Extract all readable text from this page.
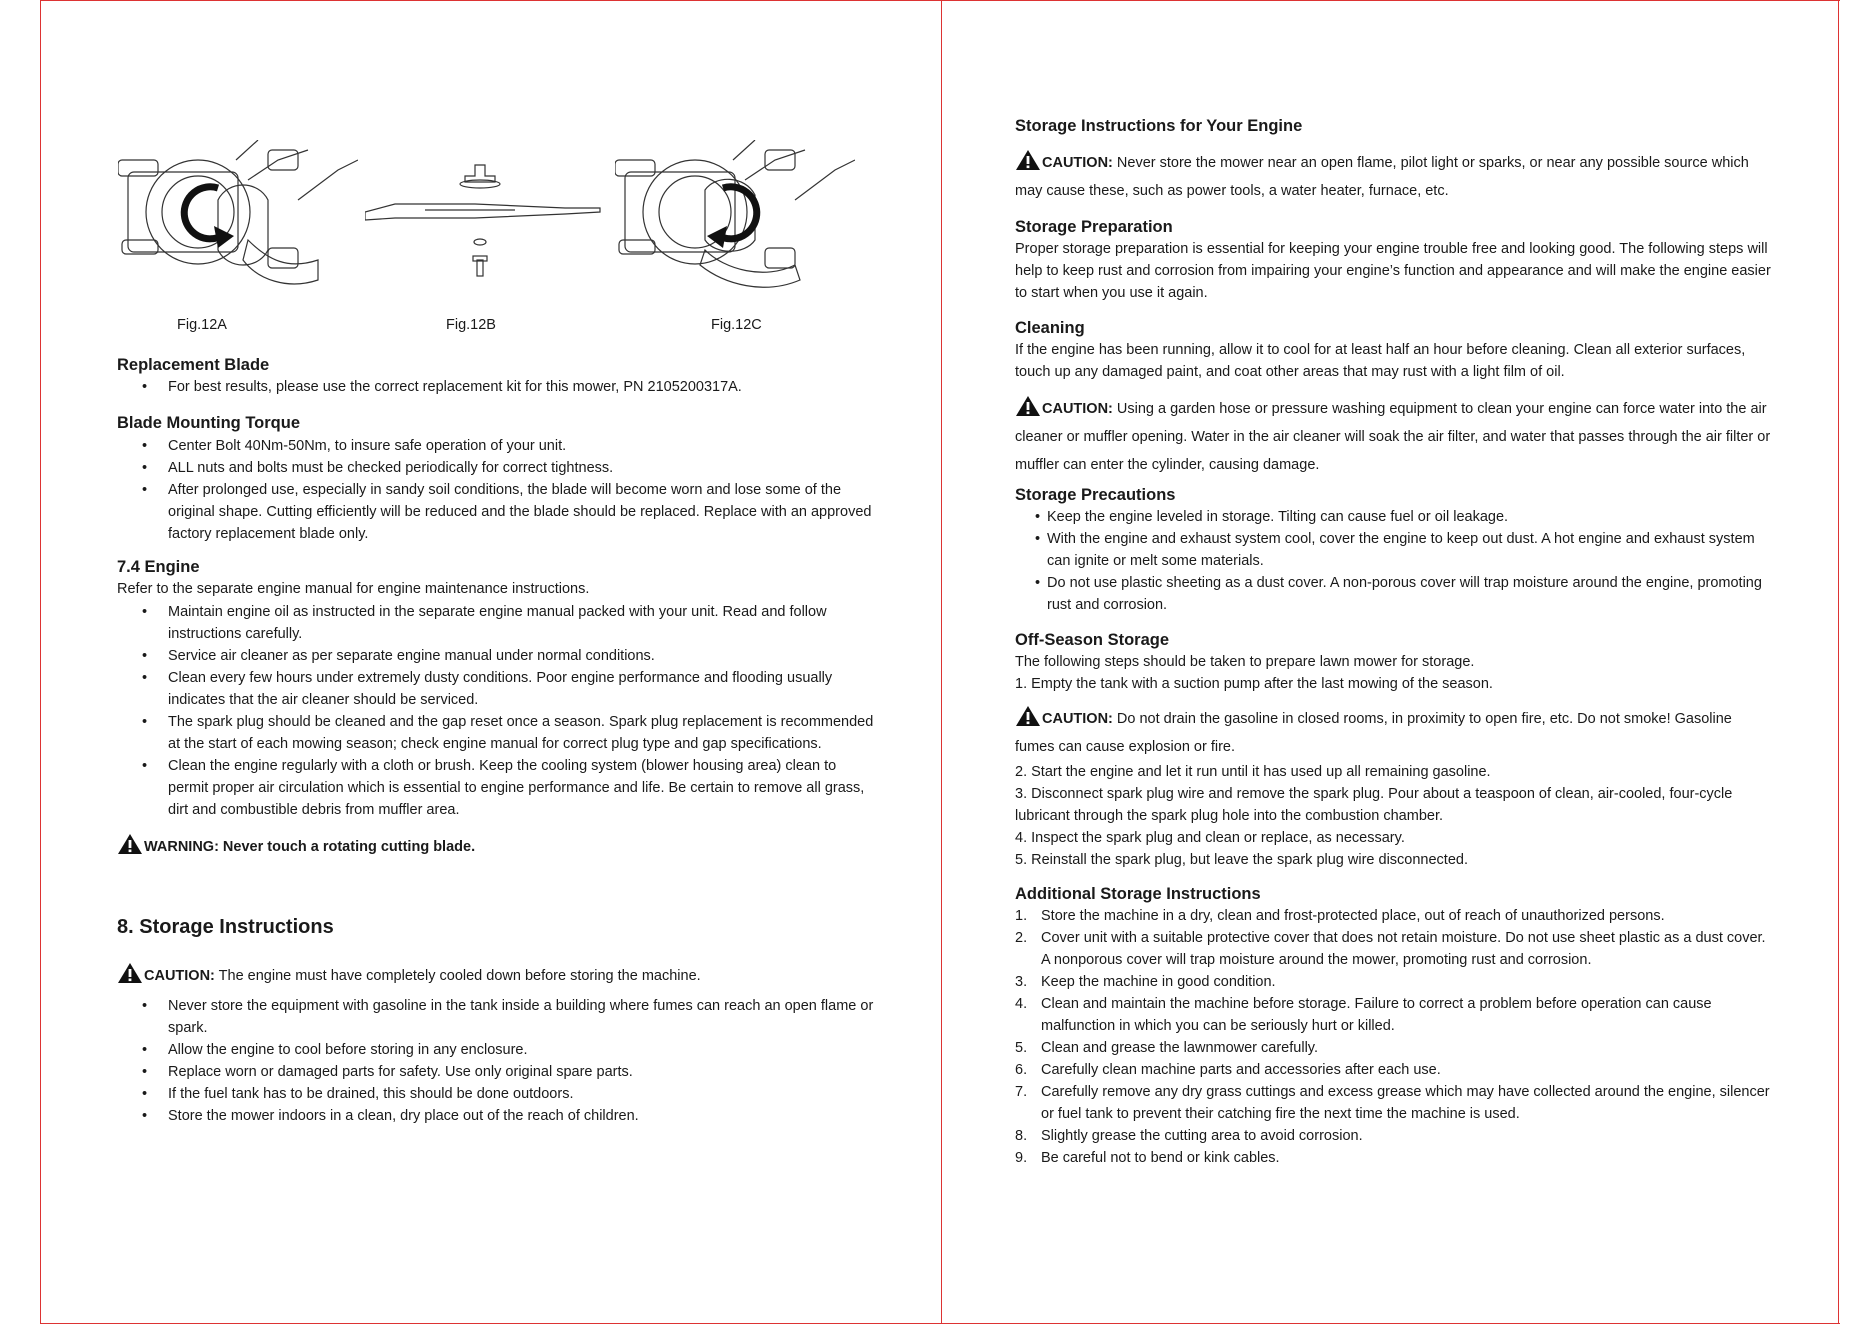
Fig.12A	Fig.12B	Fig.12C
Replacement Blade
• For best results, please use the correct replacement kit for this mower, PN 2105200317A.
Blade Mounting Torque
• Center Bolt 40Nm-50Nm, to insure safe operation of your unit.
• ALL nuts and bolts must be checked periodically for correct tightness.
• After prolonged use, especially in sandy soil conditions, the blade will become worn and lose some of the original shape. Cutting efficiently will be reduced and the blade should be replaced. Replace with an approved factory replacement blade only.
7.4 Engine

Refer to the separate engine manual for engine maintenance instructions.

• Maintain engine oil as instructed in the separate engine manual packed with your unit. Read and follow instructions carefully.
• Service air cleaner as per separate engine manual under normal conditions.
• Clean every few hours under extremely dusty conditions. Poor engine performance and flooding usually indicates that the air cleaner should be serviced.
• The spark plug should be cleaned and the gap reset once a season. Spark plug replacement is recommended at the start of each mowing season; check engine manual for correct plug type and gap specifications.
• Clean the engine regularly with a cloth or brush. Keep the cooling system (blower housing area) clean to permit proper air circulation which is essential to engine performance and life. Be certain to remove all grass, dirt and combustible debris from muffler area.

WARNING: Never touch a rotating cutting blade.

8. Storage Instructions

CAUTION: The engine must have completely cooled down before storing the machine.

• Never store the equipment with gasoline in the tank inside a building where fumes can reach an open flame or spark.
• Allow the engine to cool before storing in any enclosure.
• Replace worn or damaged parts for safety. Use only original spare parts.
• If the fuel tank has to be drained, this should be done outdoors.
• Store the mower indoors in a clean, dry place out of the reach of children.
Storage Instructions for Your Engine

CAUTION: Never store the mower near an open flame, pilot light or sparks, or near any possible source which may cause these, such as power tools, a water heater, furnace, etc.

Storage Preparation

Proper storage preparation is essential for keeping your engine trouble free and looking good. The following steps will help to keep rust and corrosion from impairing your engine’s function and appearance and will make the engine easier to start when you use it again.

Cleaning

If the engine has been running, allow it to cool for at least half an hour before cleaning. Clean all exterior surfaces, touch up any damaged paint, and coat other areas that may rust with a light film of oil.

CAUTION: Using a garden hose or pressure washing equipment to clean your engine can force water into the air cleaner or muffler opening. Water in the air cleaner will soak the air filter, and water that passes through the air filter or muffler can enter the cylinder, causing damage.

Storage Precautions
• Keep the engine leveled in storage. Tilting can cause fuel or oil leakage.
• With the engine and exhaust system cool, cover the engine to keep out dust. A hot engine and exhaust system can ignite or melt some materials.
• Do not use plastic sheeting as a dust cover. A non-porous cover will trap moisture around the engine, promoting rust and corrosion.
Off-Season Storage

The following steps should be taken to prepare lawn mower for storage.

1. Empty the tank with a suction pump after the last mowing of the season.

CAUTION: Do not drain the gasoline in closed rooms, in proximity to open fire, etc. Do not smoke! Gasoline fumes can cause explosion or fire.

2. Start the engine and let it run until it has used up all remaining gasoline.

3. Disconnect spark plug wire and remove the spark plug. Pour about a teaspoon of clean, air-cooled, four-cycle lubricant through the spark plug hole into the combustion chamber.

4. Inspect the spark plug and clean or replace, as necessary.

5. Reinstall the spark plug, but leave the spark plug wire disconnected.

Additional Storage Instructions
1. Store the machine in a dry, clean and frost-protected place, out of reach of unauthorized persons.
2. Cover unit with a suitable protective cover that does not retain moisture. Do not use sheet plastic as a dust cover. A nonporous cover will trap moisture around the mower, promoting rust and corrosion.
3. Keep the machine in good condition.
4. Clean and maintain the machine before storage. Failure to correct a problem before operation can cause malfunction in which you can be seriously hurt or killed.
5. Clean and grease the lawnmower carefully.
6. Carefully clean machine parts and accessories after each use.
7. Carefully remove any dry grass cuttings and excess grease which may have collected around the engine, silencer or fuel tank to prevent their catching fire the next time the machine is used.
8. Slightly grease the cutting area to avoid corrosion.
9. Be careful not to bend or kink cables.
